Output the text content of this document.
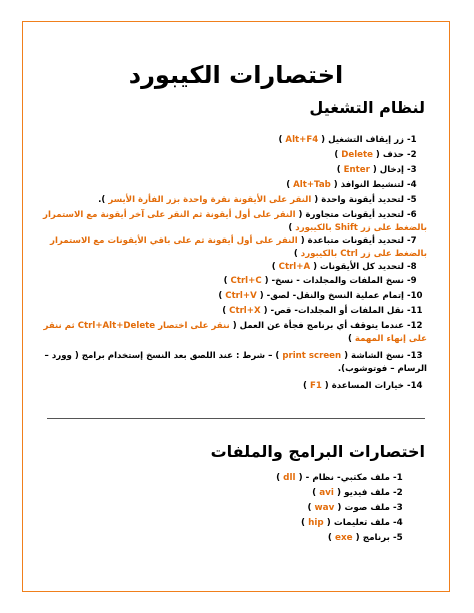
اختصارات الكيبورد
لنظام التشغيل
-1 زر إيقاف التشغيل ( Alt+F4 )
-2 حذف ( Delete )
-3 إدخال ( Enter )
-4 لتنشيط النوافذ ( Alt+Tab )
-5 لتحديد أيقونة واحدة ( النقر على الأيقونة نقرة واحدة بزر الفأرة الأيسر ).
-6 لتحديد أيقونات متجاورة ( النقر على أول أيقونة ثم النقر على آخر أيقونة مع الاستمرار بالضغط على زر Shift بالكيبورد )
-7 لتحديد أيقونات متباعدة ( النقر على أول أيقونة ثم على باقي الأيقونات مع الاستمرار بالضغط على زر Ctrl بالكيبورد )
-8 لتحديد كل الأيقونات ( Ctrl+A )
-9 نسخ الملفات والمجلدات - نسخ- ( Ctrl+C )
-10 إتمام عملية النسخ والنقل- لصق- ( Ctrl+V )
-11 نقل الملفات أو المجلدات- قص- ( Ctrl+X )
-12 عندما يتوقف أي برنامج فجأة عن العمل ( ننقر على اختصار Ctrl+Alt+Delete ثم ننقر على إنهاء المهمة )
-13 نسخ الشاشة ( print screen ) – شرط : عند اللصق بعد النسخ إستخدام برامج ( وورد – الرسام – فوتوشوب).
-14 خيارات المساعدة ( F1 )
اختصارات البرامج والملفات
-1 ملف مكتبي- نظام - ( dll )
-2 ملف فيديو ( avi )
-3 ملف صوت ( wav )
-4 ملف تعليمات ( hip )
-5 برنامج ( exe )
